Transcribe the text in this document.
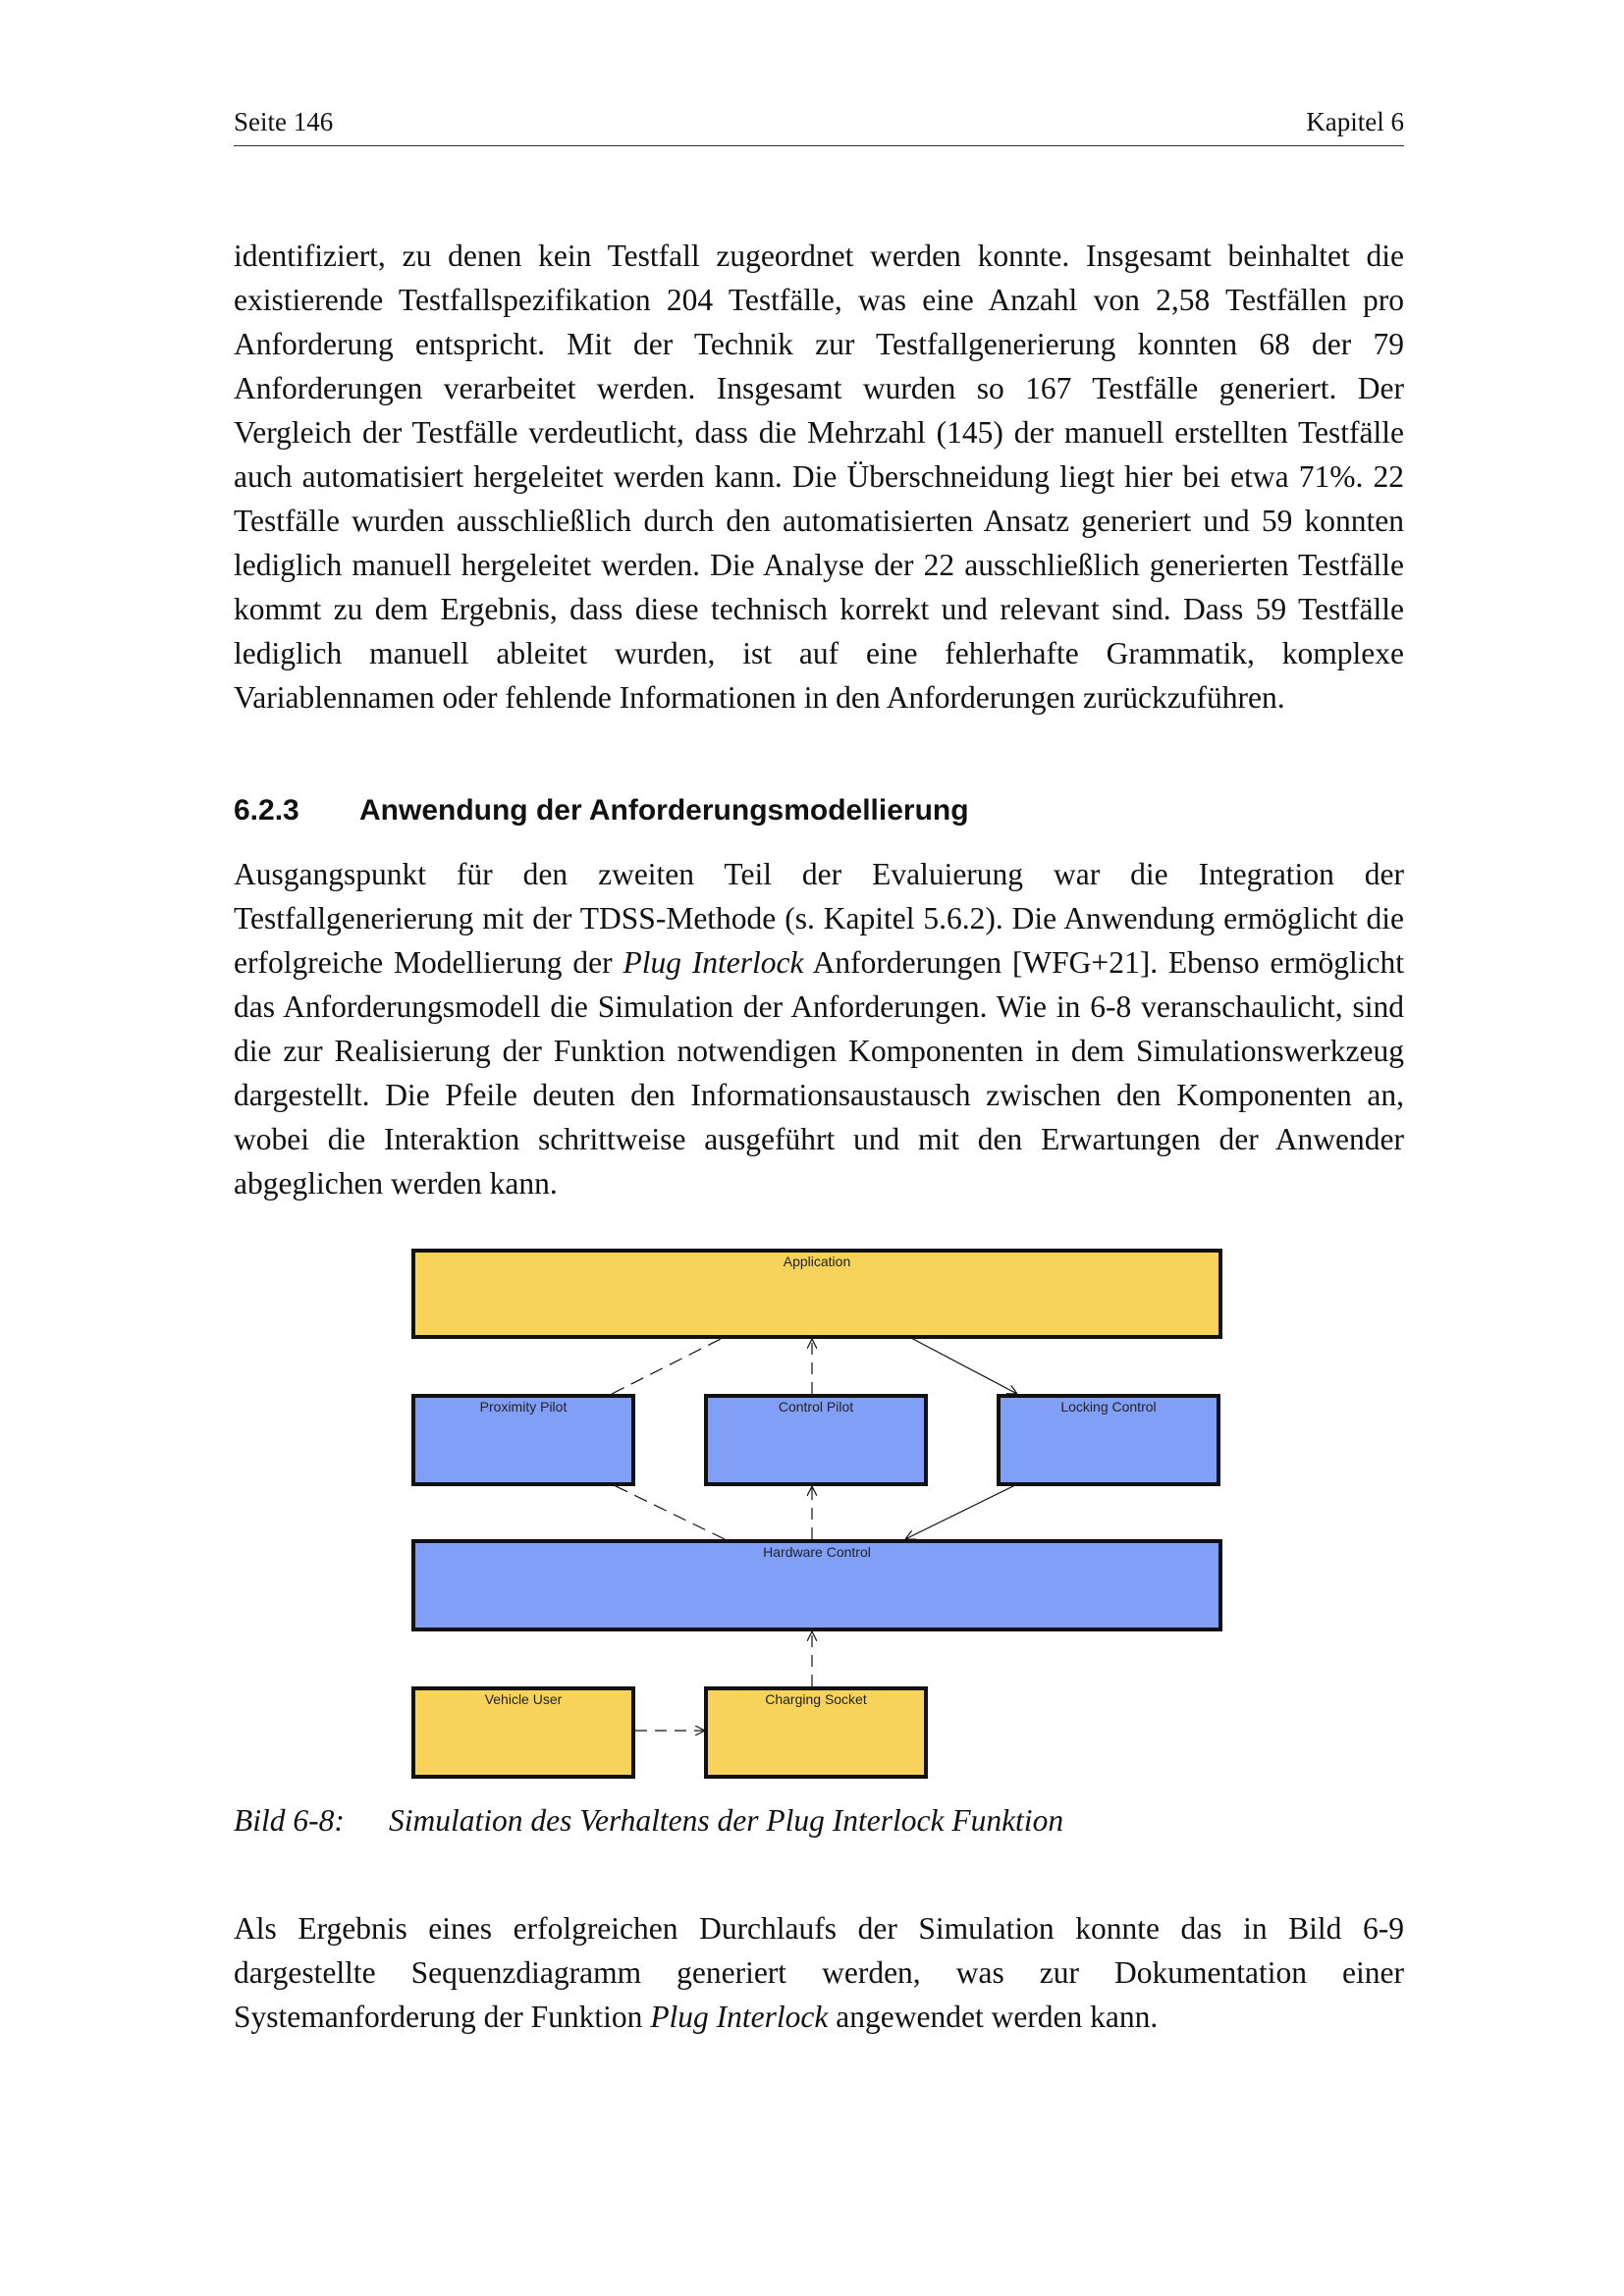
Seite 146	Kapitel 6

identifiziert, zu denen kein Testfall zugeordnet werden konnte. Insgesamt beinhaltet die existierende Testfallspezifikation 204 Testfälle, was eine Anzahl von 2,58 Testfällen pro Anforderung entspricht. Mit der Technik zur Testfallgenerierung konnten 68 der 79 Anforderungen verarbeitet werden. Insgesamt wurden so 167 Testfälle generiert. Der Vergleich der Testfälle verdeutlicht, dass die Mehrzahl (145) der manuell erstellten Testfälle auch automatisiert hergeleitet werden kann. Die Überschneidung liegt hier bei etwa 71%. 22 Testfälle wurden ausschließlich durch den automatisierten Ansatz generiert und 59 konnten lediglich manuell hergeleitet werden. Die Analyse der 22 ausschließlich generierten Testfälle kommt zu dem Ergebnis, dass diese technisch korrekt und relevant sind. Dass 59 Testfälle lediglich manuell ableitet wurden, ist auf eine fehlerhafte Grammatik, komplexe Variablennamen oder fehlende Informationen in den Anforderungen zurückzuführen.

6.2.3 Anwendung der Anforderungsmodellierung

Ausgangspunkt für den zweiten Teil der Evaluierung war die Integration der Testfallgenerierung mit der TDSS-Methode (s. Kapitel 5.6.2). Die Anwendung ermöglicht die erfolgreiche Modellierung der Plug Interlock Anforderungen [WFG+21]. Ebenso ermöglicht das Anforderungsmodell die Simulation der Anforderungen. Wie in 6-8 veranschaulicht, sind die zur Realisierung der Funktion notwendigen Komponenten in dem Simulationswerkzeug dargestellt. Die Pfeile deuten den Informationsaustausch zwischen den Komponenten an, wobei die Interaktion schrittweise ausgeführt und mit den Erwartungen der Anwender abgeglichen werden kann.

Application
Proximity Pilot	Control Pilot	Locking Control
Hardware Control
Vehicle User	Charging Socket
Bild 6-8: Simulation des Verhaltens der Plug Interlock Funktion

Als Ergebnis eines erfolgreichen Durchlaufs der Simulation konnte das in Bild 6-9 dargestellte Sequenzdiagramm generiert werden, was zur Dokumentation einer Systemanforderung der Funktion Plug Interlock angewendet werden kann.
